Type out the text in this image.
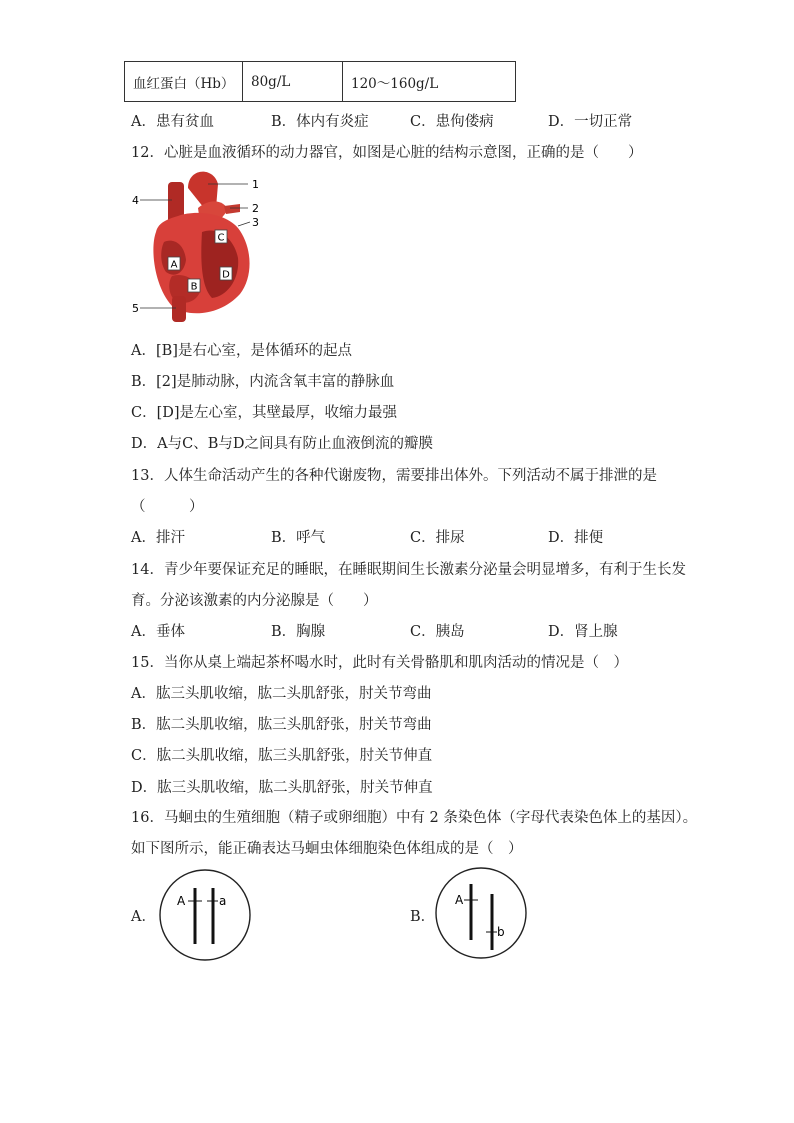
血红蛋白（Hb）	80g/L	120～160g/L
A．患有贫血	B．体内有炎症	C．患佝偻病	D．一切正常
12．心脏是血液循环的动力器官，如图是心脏的结构示意图，正确的是（　　）
A
B
C
D
1
2
3
4
5
A．[B]是右心室，是体循环的起点
B．[2]是肺动脉，内流含氧丰富的静脉血
C．[D]是左心室，其壁最厚，收缩力最强
D．A与C、B与D之间具有防止血液倒流的瓣膜
13．人体生命活动产生的各种代谢废物，需要排出体外。下列活动不属于排泄的是
（　　　）
A．排汗	B．呼气	C．排尿	D．排便
14．青少年要保证充足的睡眠，在睡眠期间生长激素分泌量会明显增多，有利于生长发
育。分泌该激素的内分泌腺是（　　）
A．垂体	B．胸腺	C．胰岛	D．肾上腺
15．当你从桌上端起茶杯喝水时，此时有关骨骼肌和肌肉活动的情况是（　）
A．肱三头肌收缩，肱二头肌舒张，肘关节弯曲
B．肱二头肌收缩，肱三头肌舒张，肘关节弯曲
C．肱二头肌收缩，肱三头肌舒张，肘关节伸直
D．肱三头肌收缩，肱二头肌舒张，肘关节伸直
16．马蛔虫的生殖细胞（精子或卵细胞）中有 2 条染色体（字母代表染色体上的基因）。
如下图所示，能正确表达马蛔虫体细胞染色体组成的是（　）
A．
A	a
B．
A
b
